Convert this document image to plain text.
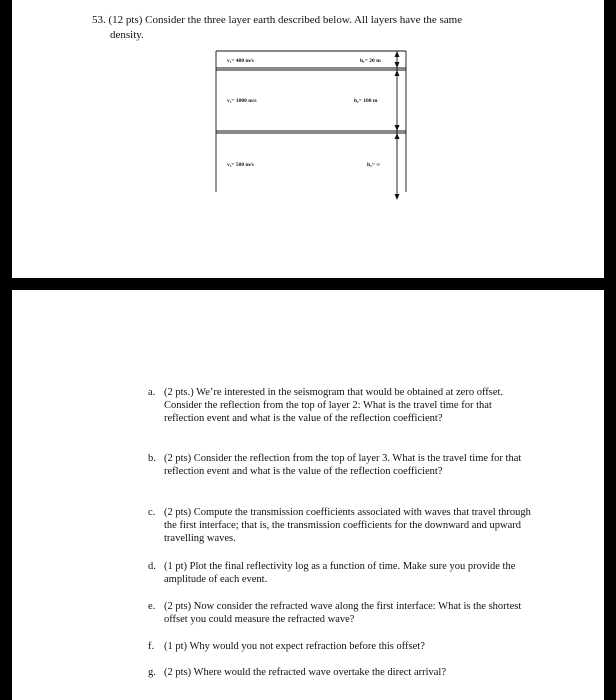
53. (12 pts) Consider the three layer earth described below. All layers have the same
density.
v₁= 400 m/s	h₁= 20 m
v₂= 1000 m/s	h₂= 100 m
v₃= 500 m/s	h₃= ∞
a. (2 pts.) We’re interested in the seismogram that would be obtained at zero offset. Consider the reflection from the top of layer 2: What is the travel time for that reflection event and what is the value of the reflection coefficient?
b. (2 pts) Consider the reflection from the top of layer 3. What is the travel time for that reflection event and what is the value of the reflection coefficient?
c. (2 pts) Compute the transmission coefficients associated with waves that travel through the first interface; that is, the transmission coefficients for the downward and upward travelling waves.
d. (1 pt) Plot the final reflectivity log as a function of time. Make sure you provide the amplitude of each event.
e. (2 pts) Now consider the refracted wave along the first interface: What is the shortest offset you could measure the refracted wave?
f. (1 pt) Why would you not expect refraction before this offset?
g. (2 pts) Where would the refracted wave overtake the direct arrival?
